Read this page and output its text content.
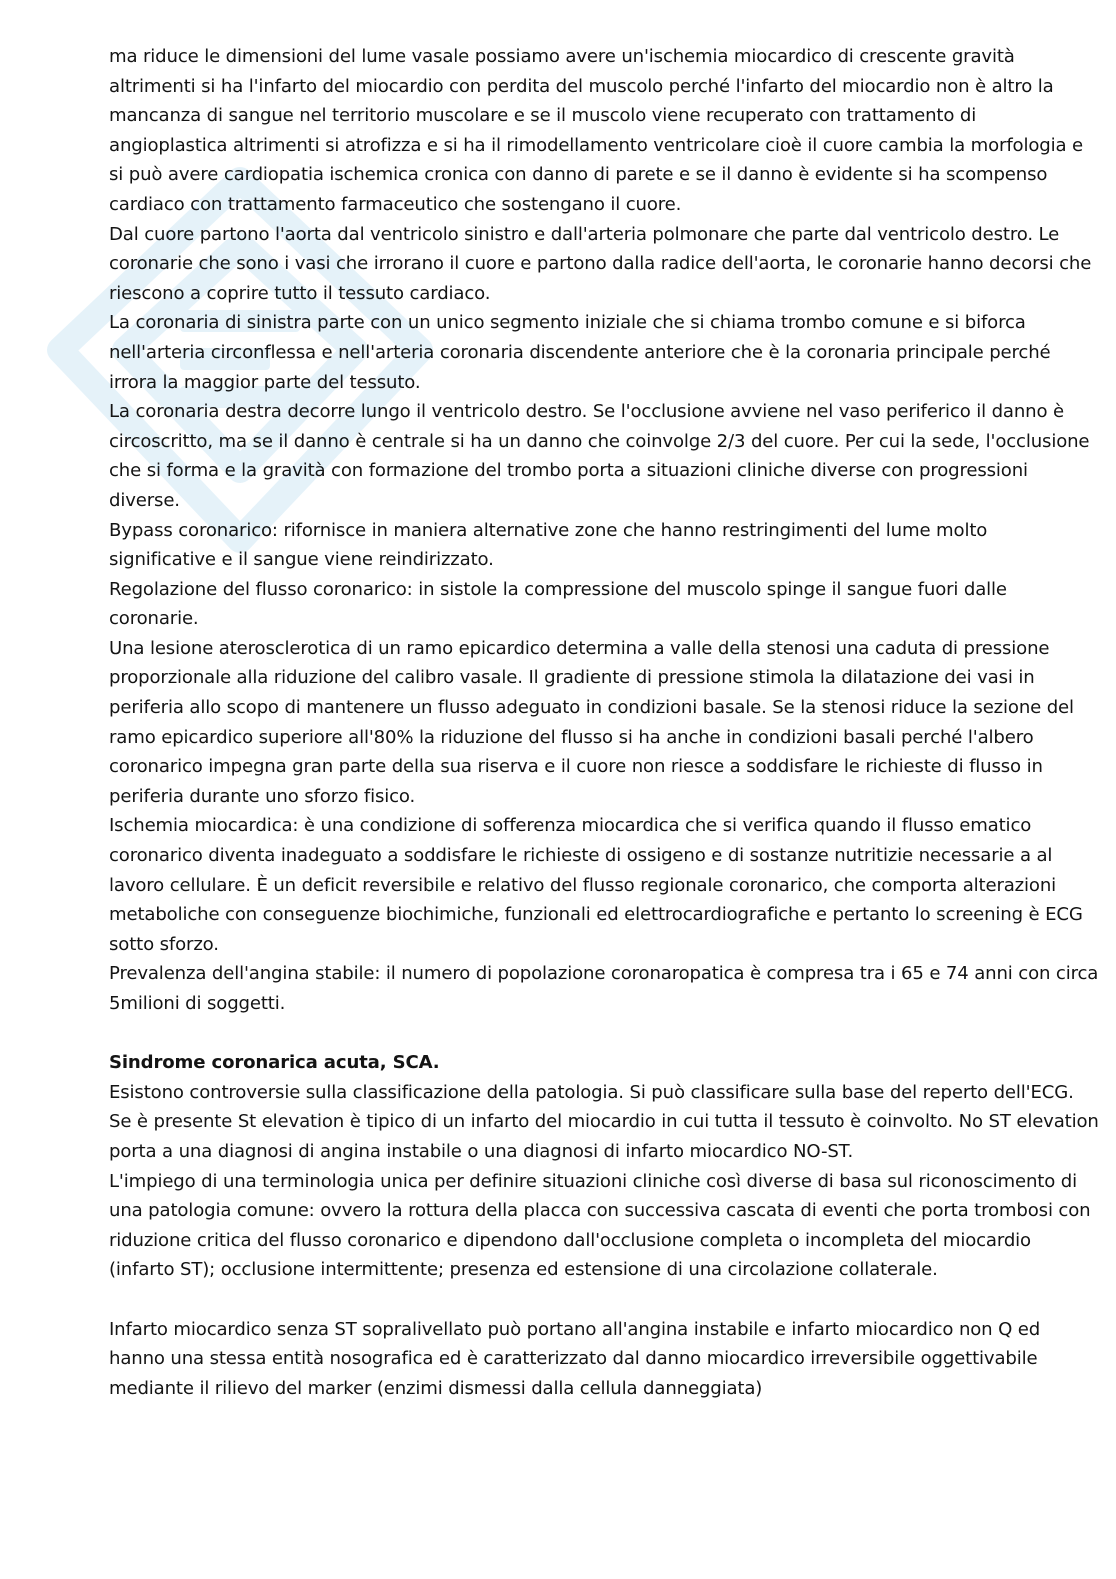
ma riduce le dimensioni del lume vasale possiamo avere un'ischemia miocardico di crescente gravità altrimenti si ha l'infarto del miocardio con perdita del muscolo perché l'infarto del miocardio non è altro la mancanza di sangue nel territorio muscolare e se il muscolo viene recuperato con trattamento di angioplastica altrimenti si atrofizza e si ha il rimodellamento ventricolare cioè il cuore cambia la morfologia e si può avere cardiopatia ischemica cronica con danno di parete e se il danno è evidente si ha scompenso cardiaco con trattamento farmaceutico che sostengano il cuore.

Dal cuore partono l'aorta dal ventricolo sinistro e dall'arteria polmonare che parte dal ventricolo destro. Le coronarie che sono i vasi che irrorano il cuore e partono dalla radice dell'aorta, le coronarie hanno decorsi che riescono a coprire tutto il tessuto cardiaco.

La coronaria di sinistra parte con un unico segmento iniziale che si chiama trombo comune e si biforca nell'arteria circonflessa e nell'arteria coronaria discendente anteriore che è la coronaria principale perché irrora la maggior parte del tessuto.

La coronaria destra decorre lungo il ventricolo destro. Se l'occlusione avviene nel vaso periferico il danno è circoscritto, ma se il danno è centrale si ha un danno che coinvolge 2/3 del cuore. Per cui la sede, l'occlusione che si forma e la gravità con formazione del trombo porta a situazioni cliniche diverse con progressioni diverse.

Bypass coronarico: rifornisce in maniera alternative zone che hanno restringimenti del lume molto significative e il sangue viene reindirizzato.

Regolazione del flusso coronarico: in sistole la compressione del muscolo spinge il sangue fuori dalle coronarie.

Una lesione aterosclerotica di un ramo epicardico determina a valle della stenosi una caduta di pressione proporzionale alla riduzione del calibro vasale. Il gradiente di pressione stimola la dilatazione dei vasi in periferia allo scopo di mantenere un flusso adeguato in condizioni basale. Se la stenosi riduce la sezione del ramo epicardico superiore all'80% la riduzione del flusso si ha anche in condizioni basali perché l'albero coronarico impegna gran parte della sua riserva e il cuore non riesce a soddisfare le richieste di flusso in periferia durante uno sforzo fisico.

Ischemia miocardica: è una condizione di sofferenza miocardica che si verifica quando il flusso ematico coronarico diventa inadeguato a soddisfare le richieste di ossigeno e di sostanze nutritizie necessarie a al lavoro cellulare. È un deficit reversibile e relativo del flusso regionale coronarico, che comporta alterazioni metaboliche con conseguenze biochimiche, funzionali ed elettrocardiografiche e pertanto lo screening è ECG sotto sforzo.

Prevalenza dell'angina stabile: il numero di popolazione coronaropatica è compresa tra i 65 e 74 anni con circa 5milioni di soggetti.

Sindrome coronarica acuta, SCA.

Esistono controversie sulla classificazione della patologia. Si può classificare sulla base del reperto dell'ECG. Se è presente St elevation è tipico di un infarto del miocardio in cui tutta il tessuto è coinvolto. No ST elevation porta a una diagnosi di angina instabile o una diagnosi di infarto miocardico NO-ST.

L'impiego di una terminologia unica per definire situazioni cliniche così diverse di basa sul riconoscimento di una patologia comune: ovvero la rottura della placca con successiva cascata di eventi che porta trombosi con riduzione critica del flusso coronarico e dipendono dall'occlusione completa o incompleta del miocardio (infarto ST); occlusione intermittente; presenza ed estensione di una circolazione collaterale.

Infarto miocardico senza ST sopralivellato può portano all'angina instabile e infarto miocardico non Q ed hanno una stessa entità nosografica ed è caratterizzato dal danno miocardico irreversibile oggettivabile mediante il rilievo del marker (enzimi dismessi dalla cellula danneggiata)
